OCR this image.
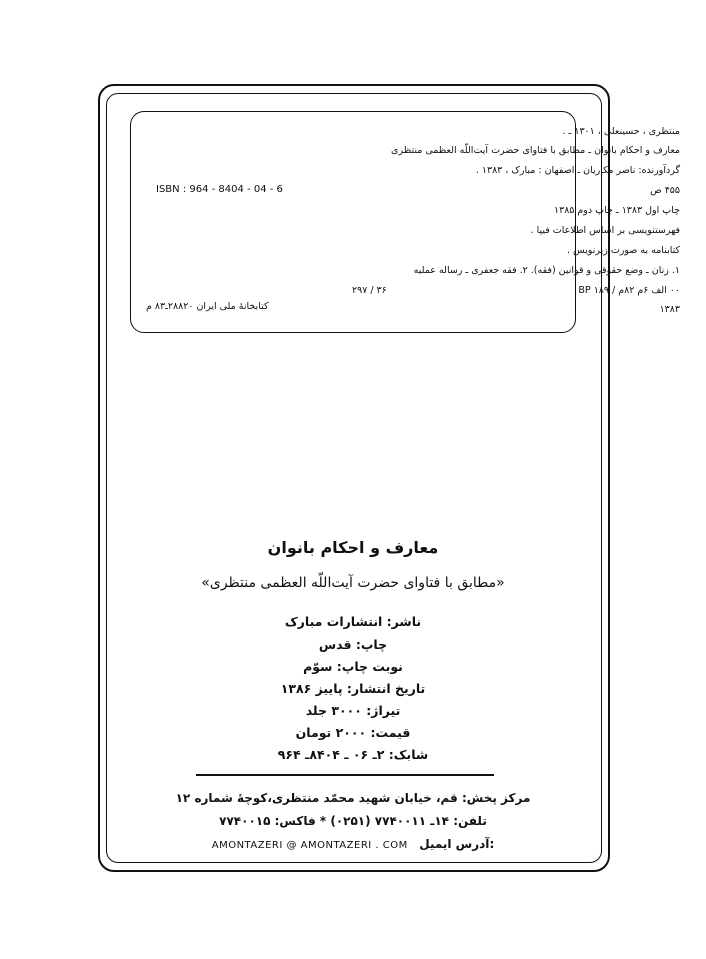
منتظری ، حسینعلی ، ۱۳۰۱ ـ .
معارف و احکام بانوان ـ مطابق با فتاوای حضرت آیت‌اللّه العظمی منتظری
گردآورنده: ناصر مکاریان ـ اصفهان : مبارک ، ۱۳۸۳ .
۴۵۵ ص
چاپ اول ۱۳۸۳ ـ چاپ دوم ۱۳۸۵
فهرستنویسی بر اساس اطلاعات فیپا .
کتابنامه به صورت زیرنویس .
۱. زنان ـ وضع حقوقی و قوانین (فقه). ۲. فقه جعفری ـ رساله عملیه
۰۰ الف ۶م ۸۲م / ۱۸۹ BP
۱۳۸۳
ISBN : 964 - 8404 - 04 - 6
۲۹۷ / ۳۶
کتابخانهٔ ملی ایران ۲۸۸۲۰ـ۸۳ م
معارف و احکام بانوان
«مطابق با فتاوای حضرت آیت‌اللّه العظمی منتظری»
ناشر: انتشارات مبارک
چاپ: قدس
نوبت چاپ: سوّم
تاریخ انتشار: پاییز ۱۳۸۶
تیراژ: ۳۰۰۰ جلد
قیمت: ۲۰۰۰ تومان
شابک: ۲ـ ۰۶ ـ ۸۴۰۴ـ ۹۶۴
مرکز پخش: قم، خیابان شهید محمّد منتظری،کوچهٔ شماره ۱۲
تلفن: ۱۴ـ ۷۷۴۰۰۱۱ (۰۲۵۱) * فاکس: ۷۷۴۰۰۱۵
AMONTAZERI @ AMONTAZERI . COM آدرس ایمیل:
